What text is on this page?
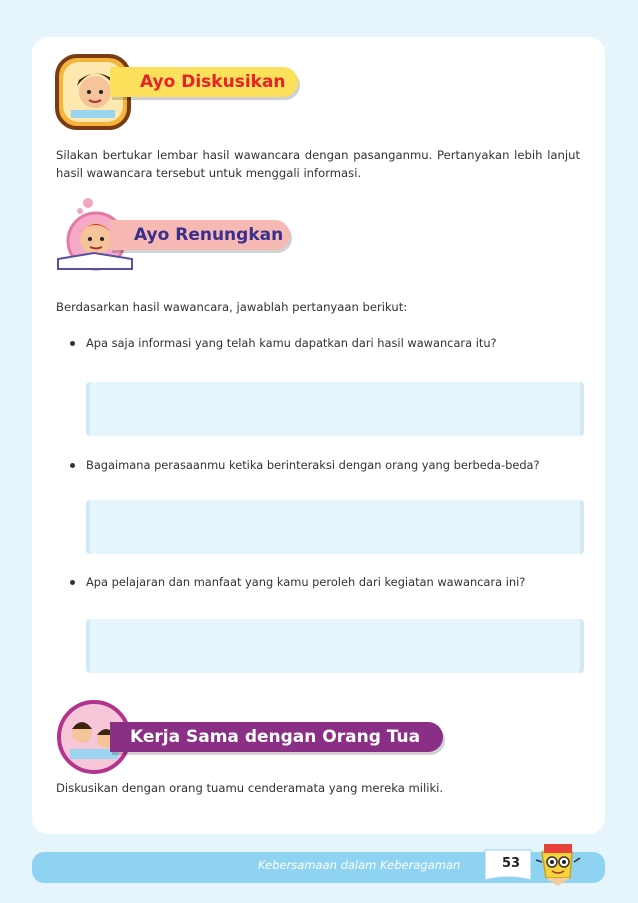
Ayo Diskusikan
Silakan bertukar lembar hasil wawancara dengan pasanganmu. Pertanyakan lebih lanjut hasil wawancara tersebut untuk menggali informasi.
Ayo Renungkan
Berdasarkan hasil wawancara, jawablah pertanyaan berikut:
Apa saja informasi yang telah kamu dapatkan dari hasil wawancara itu?
Bagaimana perasaanmu ketika berinteraksi dengan orang yang berbeda-beda?
Apa pelajaran dan manfaat yang kamu peroleh dari kegiatan wawancara ini?
Kerja Sama dengan Orang Tua
Diskusikan dengan orang tuamu cenderamata yang mereka miliki.
Kebersamaan dalam Keberagaman	53
